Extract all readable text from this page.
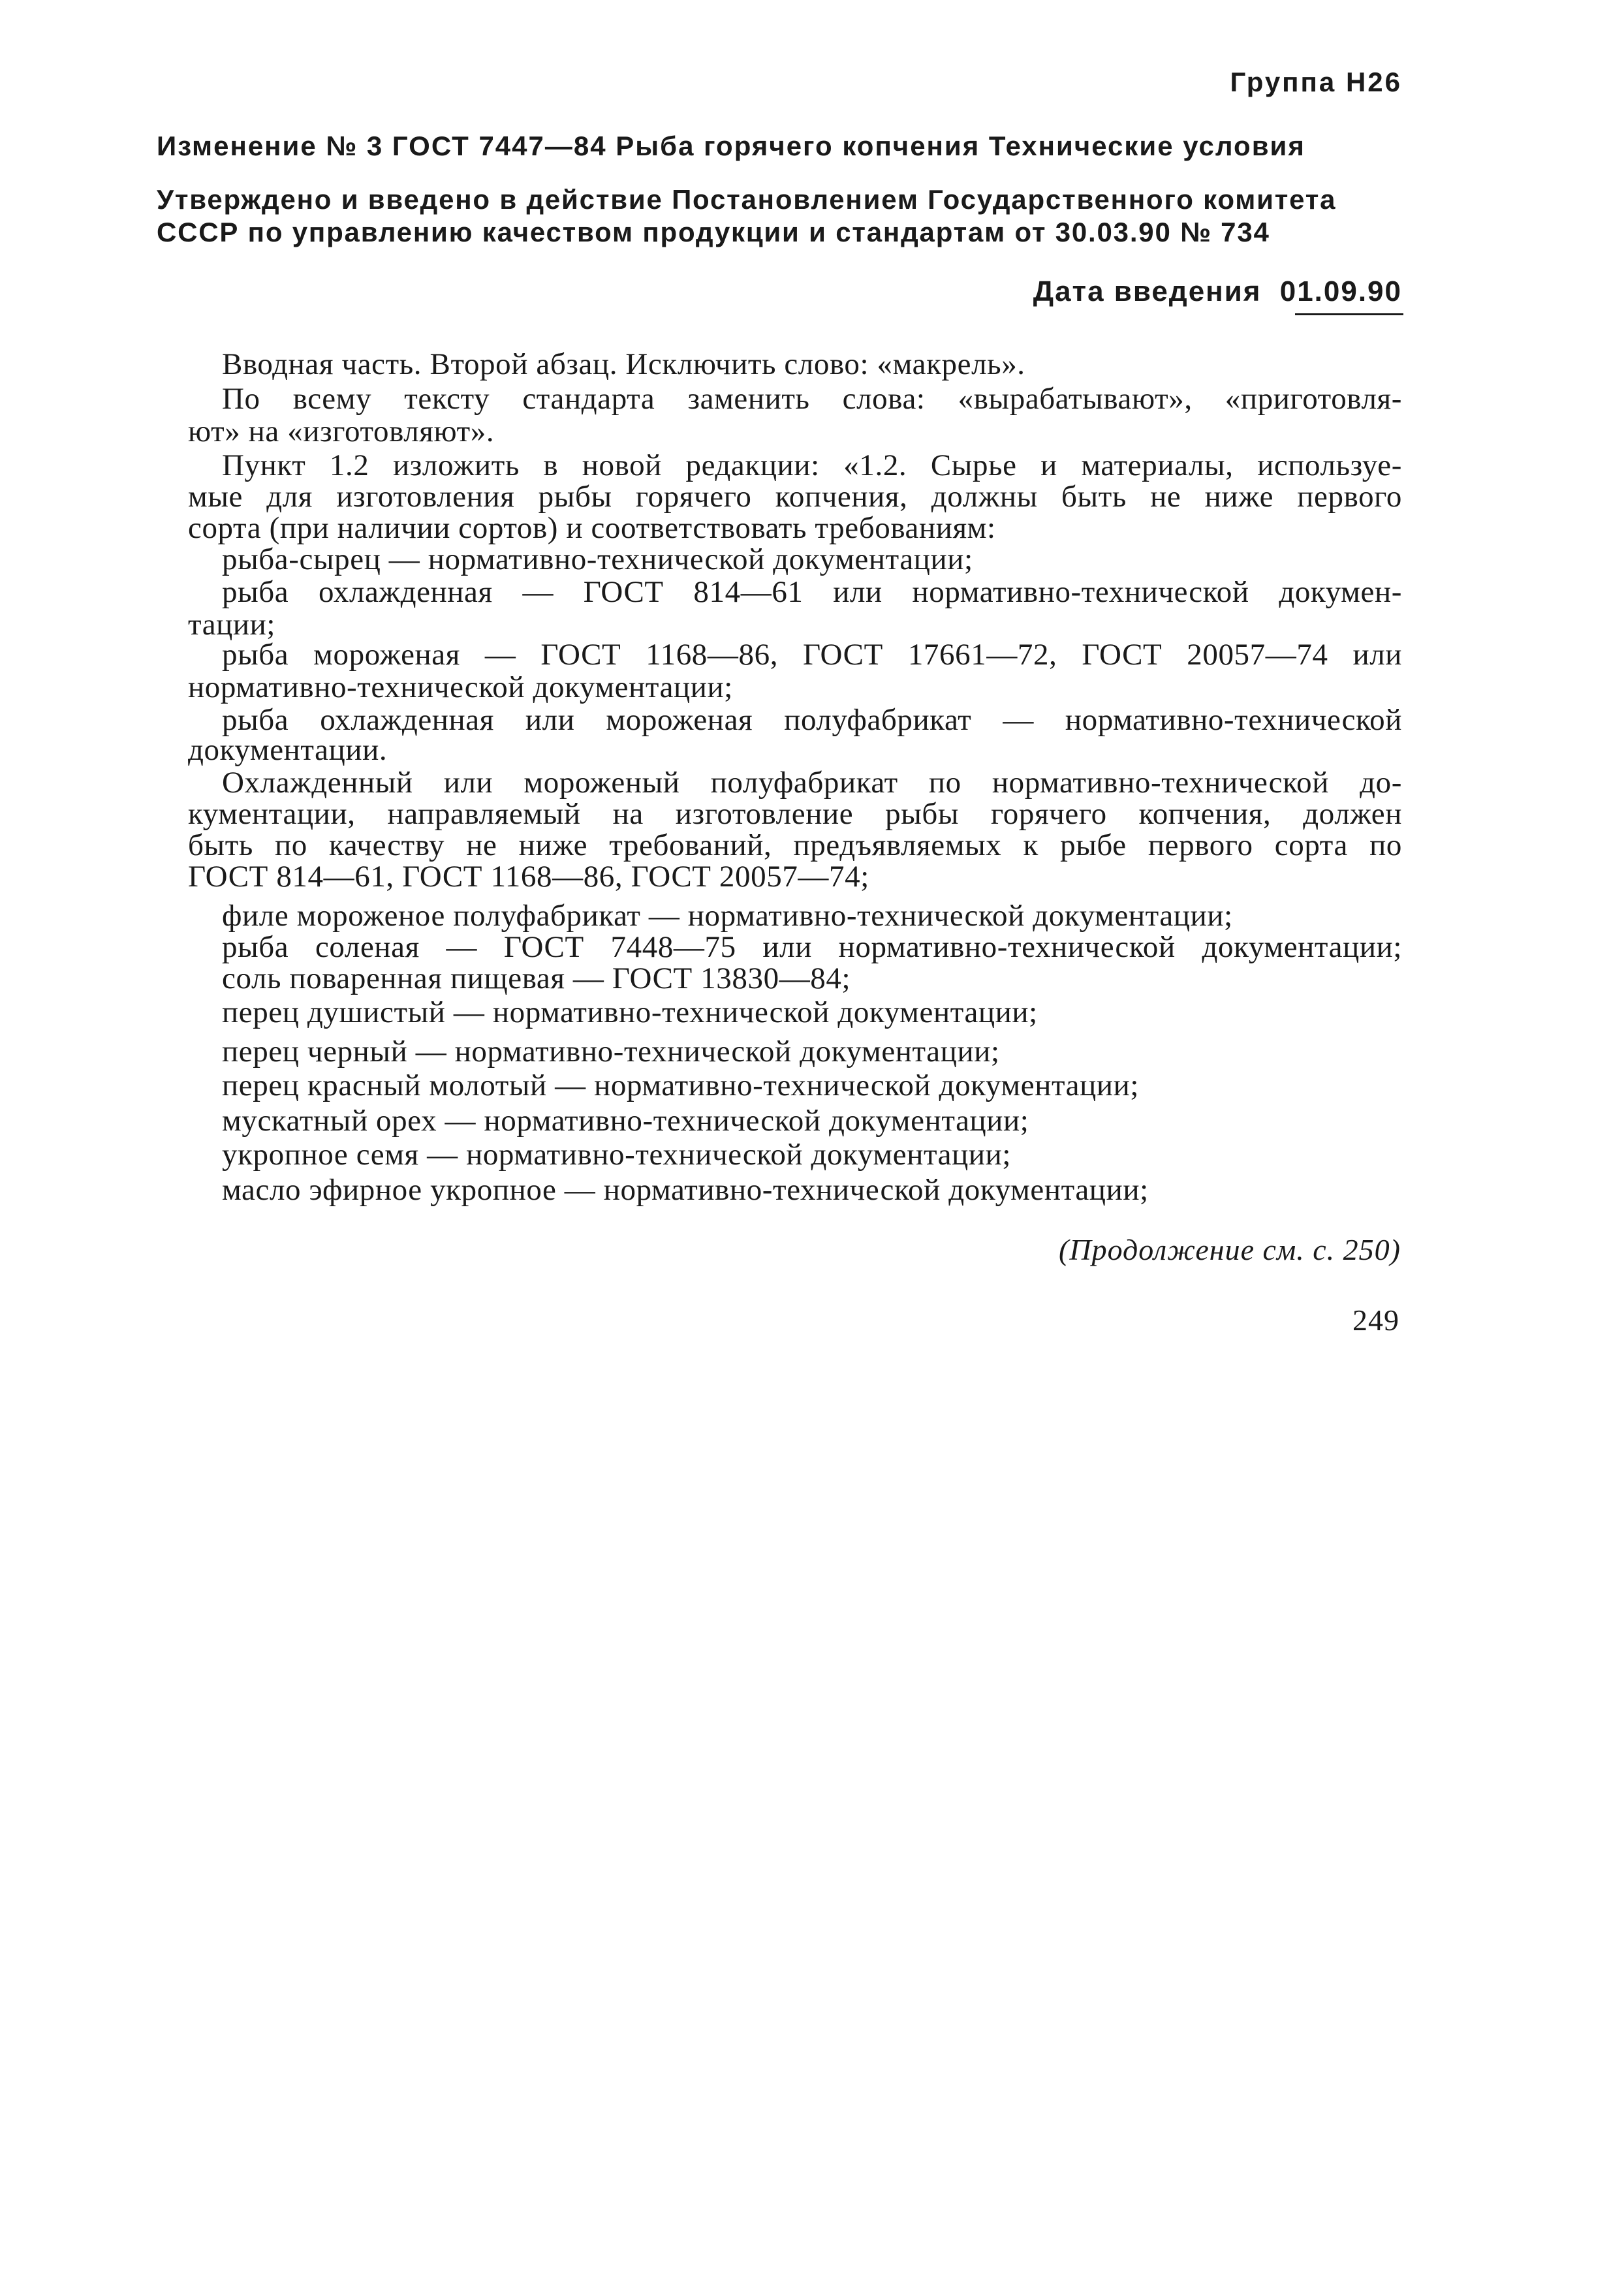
Группа Н26
Изменение № 3 ГОСТ 7447—84 Рыба горячего копчения Технические условия
Утверждено и введено в действие Постановлением Государственного комитета
СССР по управлению качеством продукции и стандартам от 30.03.90 № 734
Дата введения 01.09.90
Вводная часть. Второй абзац. Исключить слово: «макрель».
По всему тексту стандарта заменить слова: «вырабатывают», «приготовля-
ют» на «изготовляют».
Пункт 1.2 изложить в новой редакции: «1.2. Сырье и материалы, используе-
мые для изготовления рыбы горячего копчения, должны быть не ниже первого
сорта (при наличии сортов) и соответствовать требованиям:
рыба-сырец — нормативно-технической документации;
рыба охлажденная — ГОСТ 814—61 или нормативно-технической докумен-
тации;
рыба мороженая — ГОСТ 1168—86, ГОСТ 17661—72, ГОСТ 20057—74 или
нормативно-технической документации;
рыба охлажденная или мороженая полуфабрикат — нормативно-технической
документации.
Охлажденный или мороженый полуфабрикат по нормативно-технической до-
кументации, направляемый на изготовление рыбы горячего копчения, должен
быть по качеству не ниже требований, предъявляемых к рыбе первого сорта по
ГОСТ 814—61, ГОСТ 1168—86, ГОСТ 20057—74;
филе мороженое полуфабрикат — нормативно-технической документации;
рыба соленая — ГОСТ 7448—75 или нормативно-технической документации;
соль поваренная пищевая — ГОСТ 13830—84;
перец душистый — нормативно-технической документации;
перец черный — нормативно-технической документации;
перец красный молотый — нормативно-технической документации;
мускатный орех — нормативно-технической документации;
укропное семя — нормативно-технической документации;
масло эфирное укропное — нормативно-технической документации;
(Продолжение см. с. 250)
249
